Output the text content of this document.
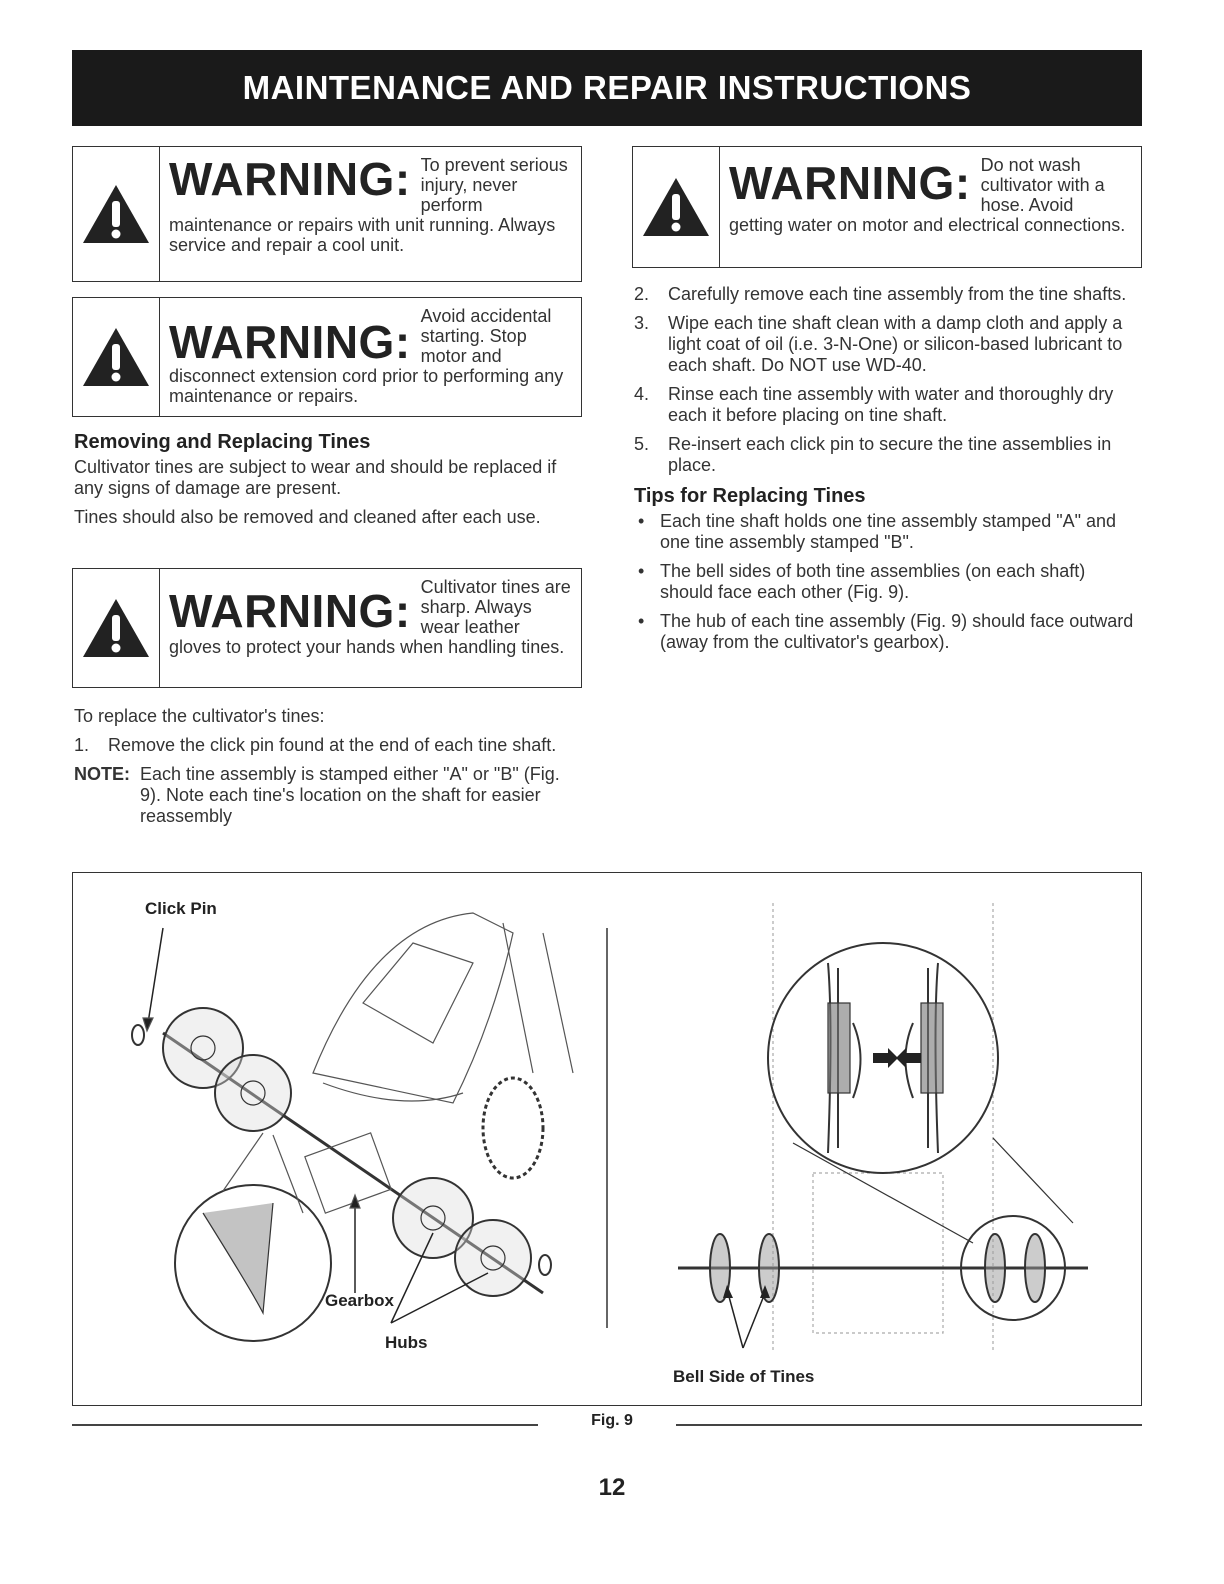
MAINTENANCE AND REPAIR INSTRUCTIONS
WARNING: To prevent serious injury, never perform maintenance or repairs with unit running. Always service and repair a cool unit.
WARNING: Avoid accidental starting. Stop motor and disconnect extension cord prior to performing any maintenance or repairs.
Removing and Replacing Tines
Cultivator tines are subject to wear and should be replaced if any signs of damage are present.
Tines should also be removed and cleaned after each use.
WARNING: Cultivator tines are sharp. Always wear leather gloves to protect your hands when handling tines.
To replace the cultivator's tines:
1.	Remove the click pin found at the end of each tine shaft.
NOTE: Each tine assembly is stamped either "A" or "B" (Fig. 9). Note each tine's location on the shaft for easier reassembly
WARNING: Do not wash cultivator with a hose. Avoid getting water on motor and electrical connections.
2.	Carefully remove each tine assembly from the tine shafts.
3.	Wipe each tine shaft clean with a damp cloth and apply a light coat of oil (i.e. 3-N-One) or silicon-based lubricant to each shaft. Do NOT use WD-40.
4.	Rinse each tine assembly with water and thoroughly dry each it before placing on tine shaft.
5.	Re-insert each click pin to secure the tine assemblies in place.
Tips for Replacing Tines
• Each tine shaft holds one tine assembly stamped "A" and one tine assembly stamped "B".
• The bell sides of both tine assemblies (on each shaft) should face each other (Fig. 9).
• The hub of each tine assembly (Fig. 9) should face outward (away from the cultivator's gearbox).
Click Pin
Gearbox
Hubs
Bell Side of Tines
Fig. 9
12
